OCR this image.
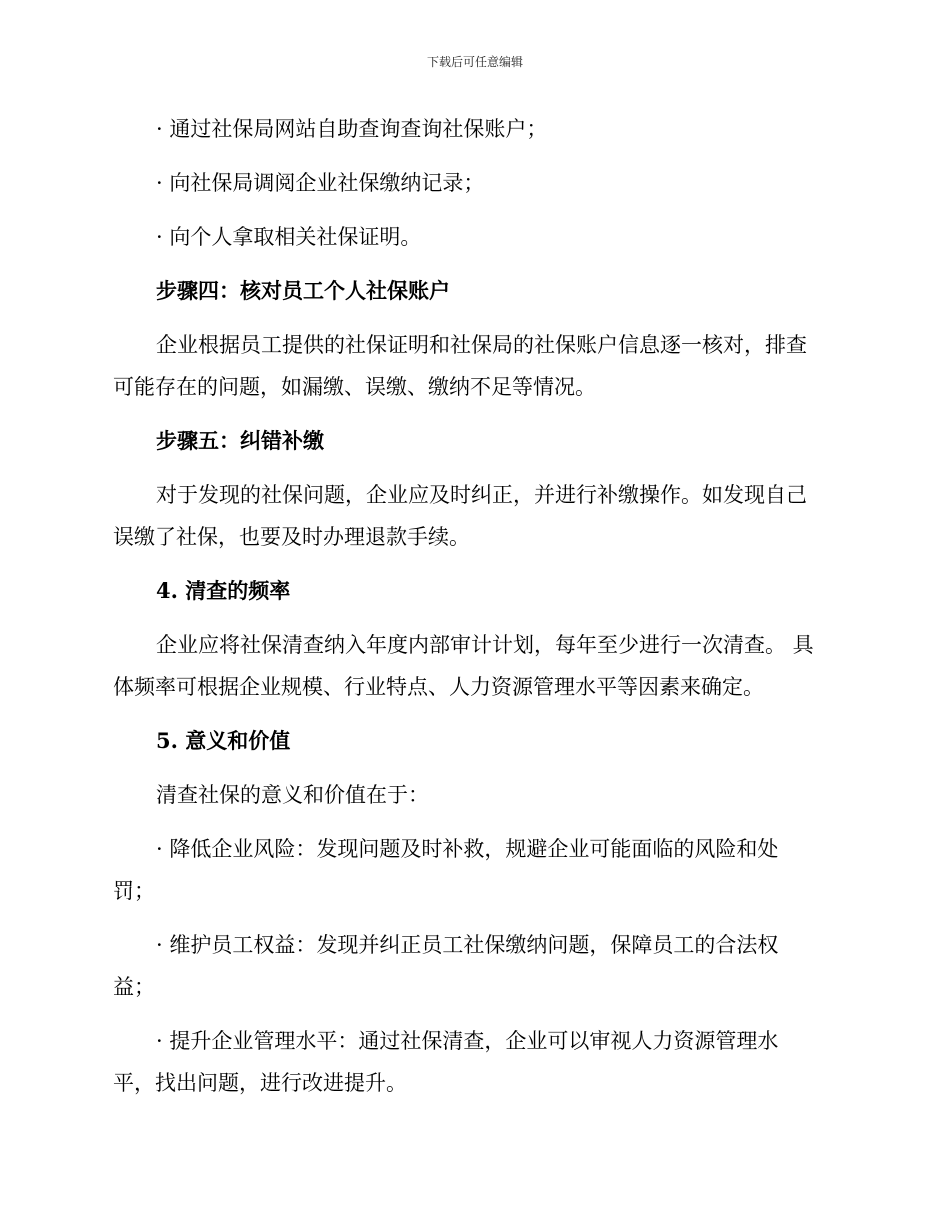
下载后可任意编辑
· 通过社保局网站自助查询查询社保账户；
· 向社保局调阅企业社保缴纳记录；
· 向个人拿取相关社保证明。
步骤四：核对员工个人社保账户
企业根据员工提供的社保证明和社保局的社保账户信息逐一核对，排查
可能存在的问题，如漏缴、误缴、缴纳不足等情况。
步骤五：纠错补缴
对于发现的社保问题，企业应及时纠正，并进行补缴操作。如发现自己
误缴了社保，也要及时办理退款手续。
4. 清查的频率
企业应将社保清查纳入年度内部审计计划，每年至少进行一次清查。 具
体频率可根据企业规模、行业特点、人力资源管理水平等因素来确定。
5. 意义和价值
清查社保的意义和价值在于：
· 降低企业风险：发现问题及时补救，规避企业可能面临的风险和处
罚；
· 维护员工权益：发现并纠正员工社保缴纳问题，保障员工的合法权
益；
· 提升企业管理水平：通过社保清查，企业可以审视人力资源管理水
平，找出问题，进行改进提升。
